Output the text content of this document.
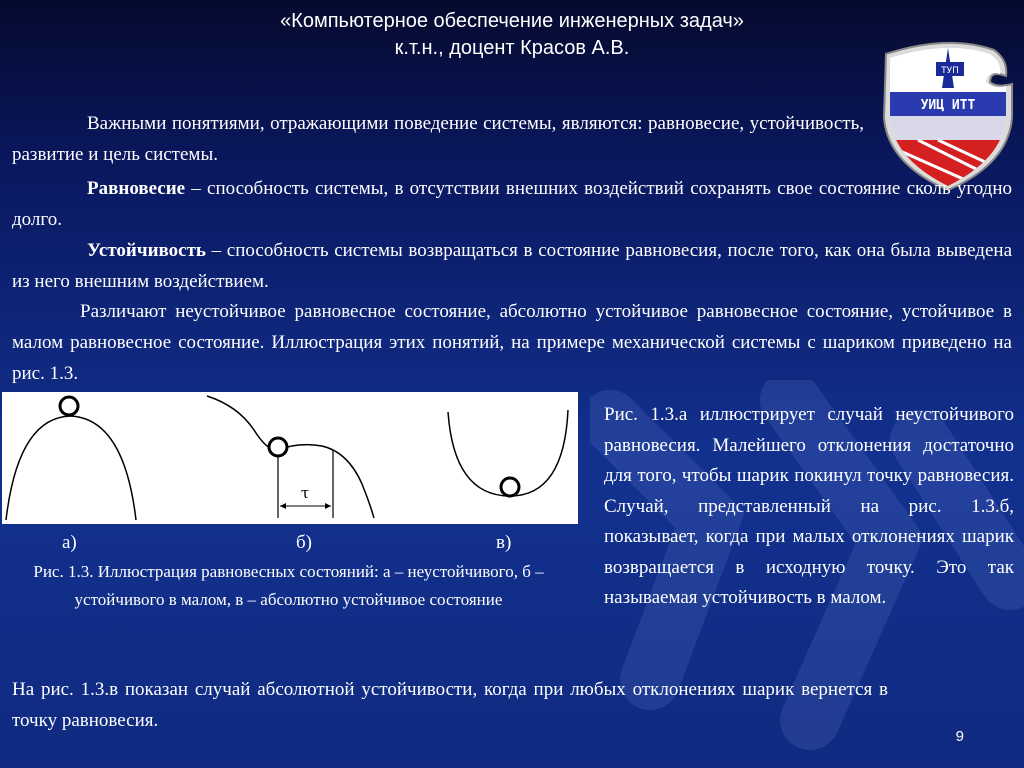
«Компьютерное обеспечение инженерных задач»
к.т.н., доцент Красов А.В.
ТУП
УИЦ ИТТ
Важными понятиями, отражающими поведение системы, являются: равновесие, устойчивость, развитие и цель системы.
Равновесие – способность системы, в отсутствии внешних воздействий сохранять свое состояние сколь угодно долго.
Устойчивость – способность системы возвращаться в состояние равновесия, после того, как она была выведена из него внешним воздействием.
Различают неустойчивое равновесное состояние, абсолютно устойчивое равновесное состояние, устойчивое в малом равновесное состояние. Иллюстрация этих понятий, на примере механической системы с шариком приведено на рис. 1.3.
τ
а)	б)	в)
Рис. 1.3. Иллюстрация равновесных состояний: а – неустойчивого, б – устойчивого в малом, в – абсолютно устойчивое состояние
Рис. 1.3.а иллюстрирует случай неустойчивого равновесия. Малейшего отклонения достаточно для того, чтобы шарик покинул точку равновесия. Случай, представленный на рис. 1.3.б, показывает, когда при малых отклонениях шарик возвращается в исходную точку. Это так называемая устойчивость в малом.
На рис. 1.3.в показан случай абсолютной устойчивости, когда при любых отклонениях шарик вернется в точку равновесия.
9
